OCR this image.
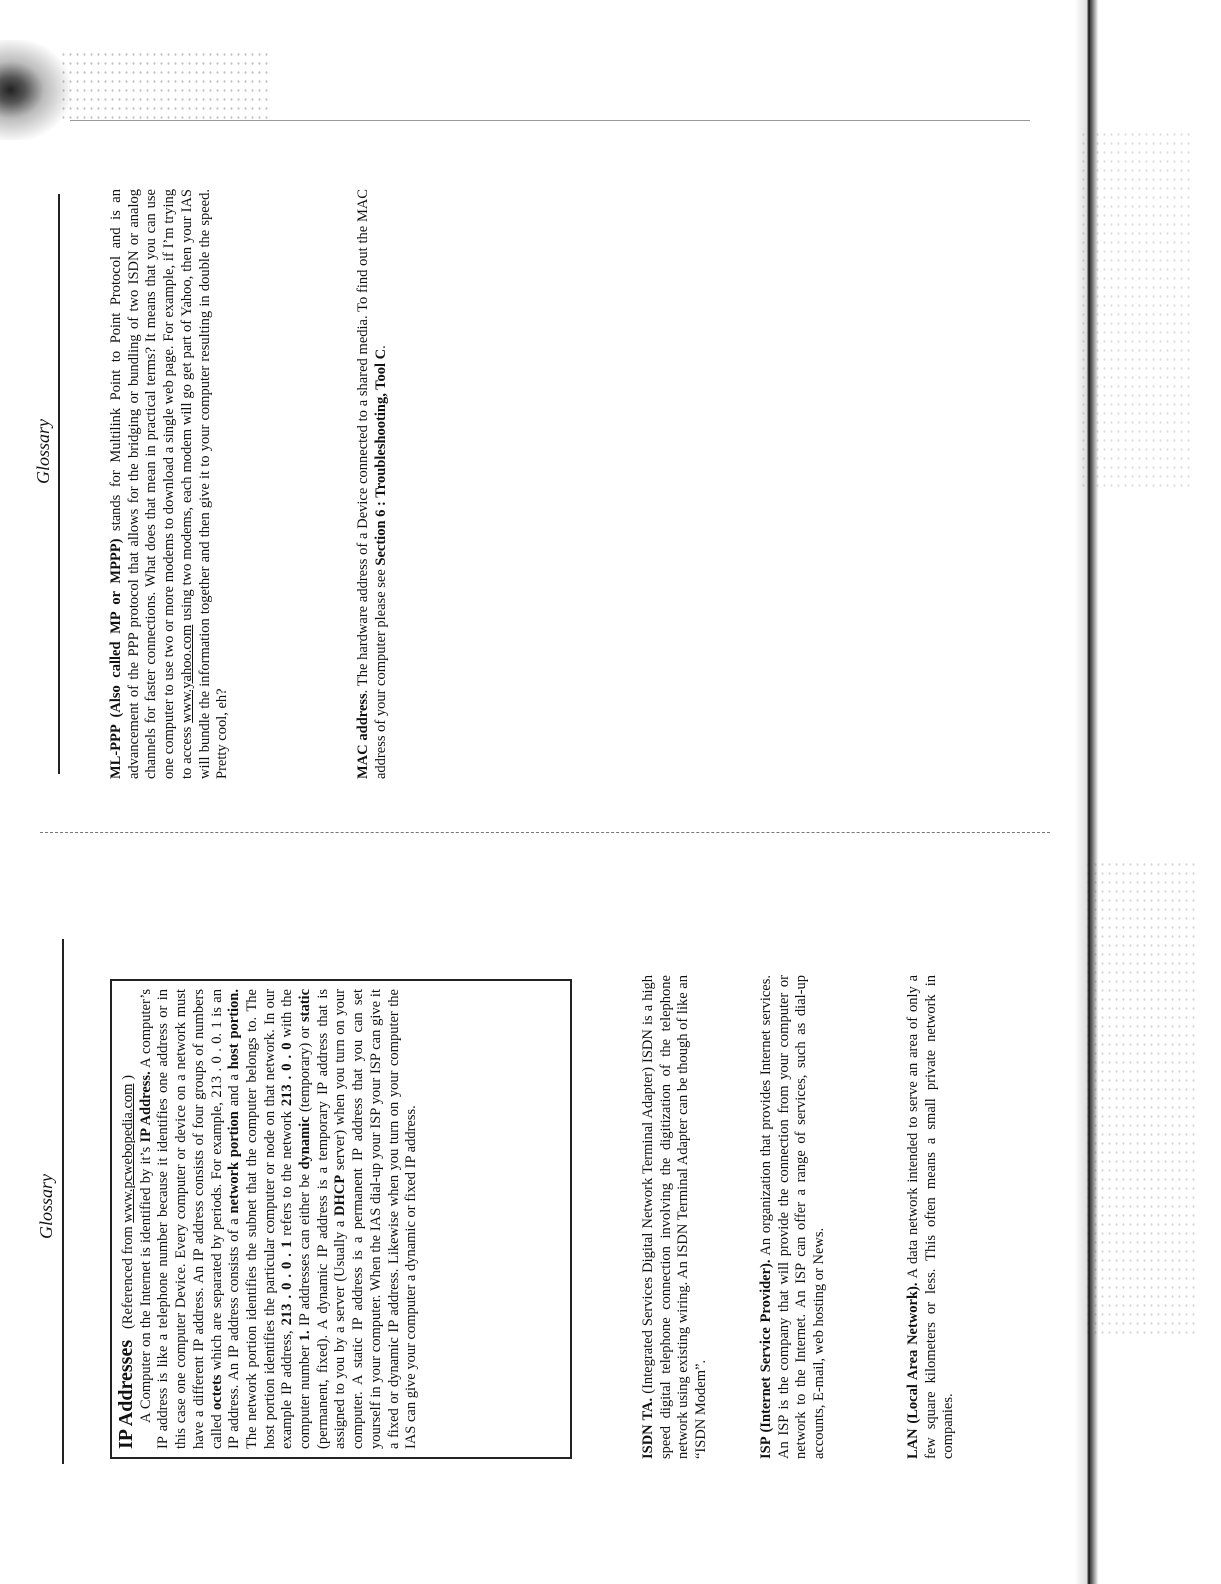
Glossary
IP Addresses   (Referenced from www.pcwebopedia.com )
A Computer on the Internet is identified by it’s IP Address. A computer’s IP address is like a telephone number because it identifies one address or in this case one computer Device. Every computer or device on a network must have a different IP address. An IP address consists of four groups of numbers called octets which are separated by periods. For example, 213 . 0 . 0. 1 is an IP address. An IP address consists of a network portion and a host portion. The network portion identifies the subnet that the computer belongs to. The host portion identifies the particular computer or node on that network. In our example IP address, 213 . 0 . 0 . 1 refers to the network 213 . 0 . 0 with the computer number 1. IP addresses can either be dynamic (temporary) or static (permanent, fixed). A dynamic IP address is a temporary IP address that is assigned to you by a server (Usually a DHCP server) when you turn on your computer. A static IP address is a permanent IP address that you can set yourself in your computer. When the IAS dial-up your ISP your ISP can give it a fixed or dynamic IP address. Likewise when you turn on your computer the IAS can give your computer a dynamic or fixed IP address.	ISDN TA. (Integrated Services Digital Network Terminal Adapter) ISDN is a high speed digital telephone connection involving the digitization of the telephone network using existing wiring. An ISDN Terminal Adapter can be though of like an “ISDN Modem”.	ISP (Internet Service Provider). An organization that provides Internet services. An ISP is the company that will provide the connection from your computer or network to the Internet. An ISP can offer a range of services, such as dial-up accounts, E-mail, web hosting or News.	LAN (Local Area Network). A data network intended to serve an area of only a few square kilometers or less. This often means a small private network in companies.
Glossary
ML-PPP (Also called MP or MPPP) stands for Multilink Point to Point Protocol and is an advancement of the PPP protocol that allows for the bridging or bundling of two ISDN or analog channels for faster connections. What does that mean in practical terms? It means that you can use one computer to use two or more modems to download a single web page. For example, if I’m trying to access www.yahoo.com using two modems, each modem will go get part of Yahoo, then your IAS will bundle the information together and then give it to your computer resulting in double the speed. Pretty cool, eh?	MAC address. The hardware address of a Device connected to a shared media. To find out the MAC address of your computer please see Section 6 : Troubleshooting, Tool C.
